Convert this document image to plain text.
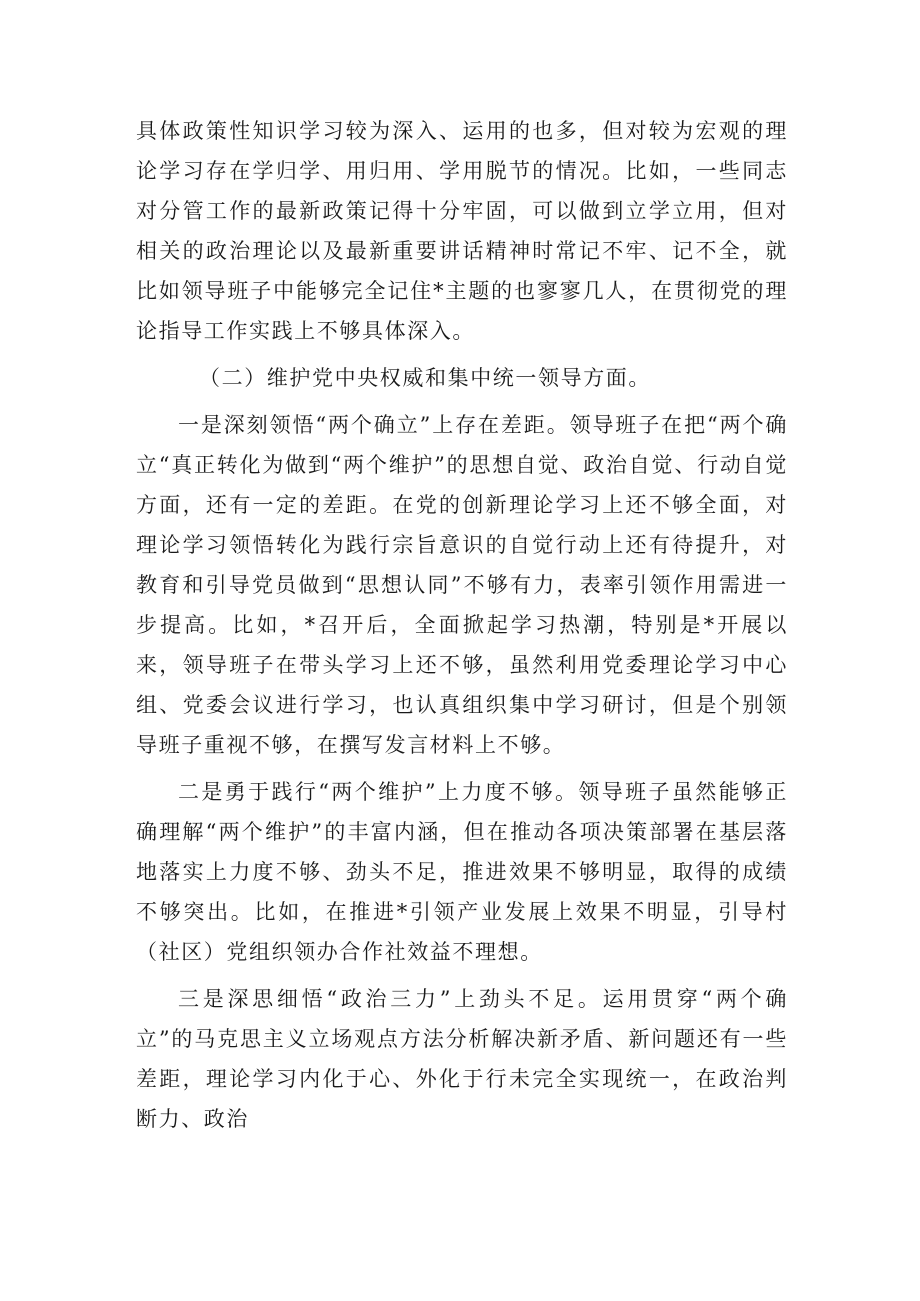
具体政策性知识学习较为深入、运用的也多，但对较为宏观的理论学习存在学归学、用归用、学用脱节的情况。比如，一些同志对分管工作的最新政策记得十分牢固，可以做到立学立用，但对相关的政治理论以及最新重要讲话精神时常记不牢、记不全，就比如领导班子中能够完全记住*主题的也寥寥几人，在贯彻党的理论指导工作实践上不够具体深入。

（二）维护党中央权威和集中统一领导方面。

一是深刻领悟“两个确立”上存在差距。领导班子在把“两个确立“真正转化为做到“两个维护”的思想自觉、政治自觉、行动自觉方面，还有一定的差距。在党的创新理论学习上还不够全面，对理论学习领悟转化为践行宗旨意识的自觉行动上还有待提升，对教育和引导党员做到“思想认同”不够有力，表率引领作用需进一步提高。比如，*召开后，全面掀起学习热潮，特别是*开展以来，领导班子在带头学习上还不够，虽然利用党委理论学习中心组、党委会议进行学习，也认真组织集中学习研讨，但是个别领导班子重视不够，在撰写发言材料上不够。

二是勇于践行“两个维护”上力度不够。领导班子虽然能够正确理解“两个维护”的丰富内涵，但在推动各项决策部署在基层落地落实上力度不够、劲头不足，推进效果不够明显，取得的成绩不够突出。比如，在推进*引领产业发展上效果不明显，引导村（社区）党组织领办合作社效益不理想。

三是深思细悟“政治三力”上劲头不足。运用贯穿“两个确立”的马克思主义立场观点方法分析解决新矛盾、新问题还有一些差距，理论学习内化于心、外化于行未完全实现统一，在政治判断力、政治
